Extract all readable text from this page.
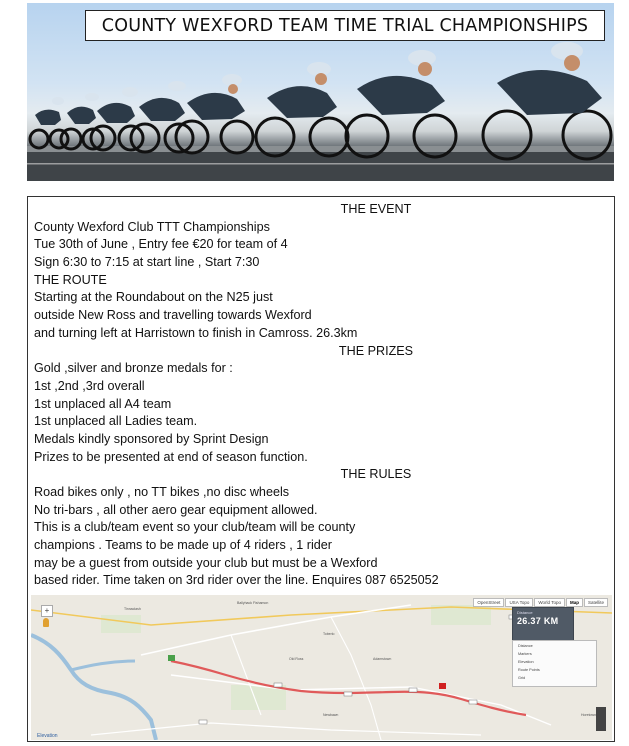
COUNTY WEXFORD TEAM TIME TRIAL CHAMPIONSHIPS
THE EVENT
County Wexford Club TTT Championships
Tue 30th of June , Entry fee €20 for team of 4
Sign 6:30 to 7:15 at start line , Start 7:30
THE ROUTE
Starting at the Roundabout on the N25 just
outside New Ross and travelling towards Wexford
and turning left at Harristown to finish in Camross. 26.3km
THE PRIZES
Gold ,silver and bronze medals for :
1st ,2nd ,3rd overall
1st unplaced all A4 team
1st unplaced all Ladies team.
Medals kindly sponsored by Sprint Design
Prizes to be presented at end of season function.
THE RULES
Road bikes only , no TT bikes ,no disc wheels
No tri-bars , all other aero gear equipment allowed.
This is a club/team event so your club/team will be county
champions . Teams to be made up of 4 riders , 1 rider
may be a guest from outside your club but must be a Wexford
based rider. Time taken on 3rd rider over the line. Enquires 087 6525052
Tinnaclash
Ballyhack Fishamon
Toberlo
Old Ross	Adamstown
Newbawn	Horetown
OpenStreet	USA Topo	World Topo	Map	Satellite
+	Distance
26.37 KM
Distance
Markers
Elevation
Route Points
Grid
Elevation
